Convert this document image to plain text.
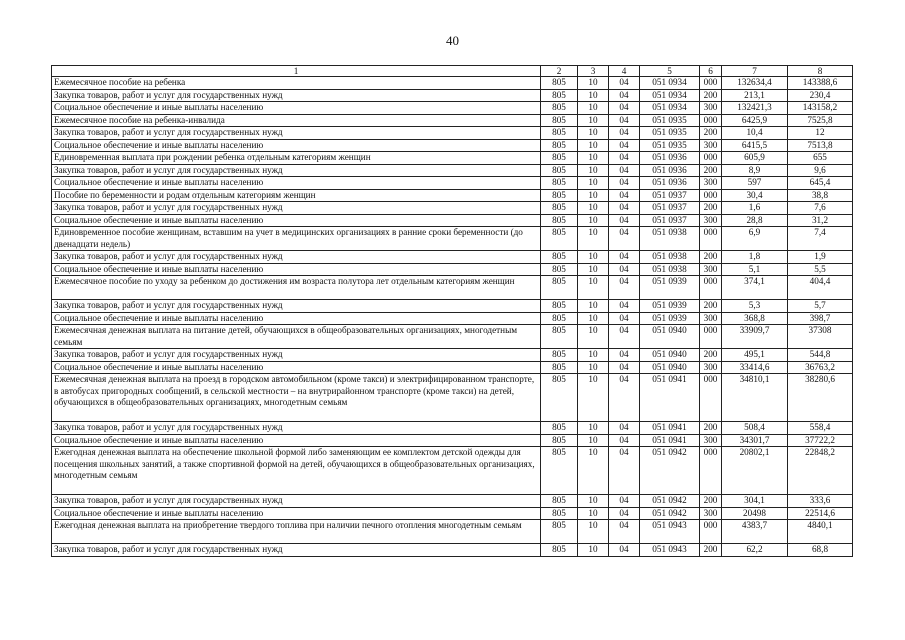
40
1	2	3	4	5	6	7	8
Ежемесячное пособие на ребенка	805	10	04	051 0934	000	132634,4	143388,6
Закупка товаров, работ и услуг для государственных нужд	805	10	04	051 0934	200	213,1	230,4
Социальное обеспечение и иные выплаты населению	805	10	04	051 0934	300	132421,3	143158,2
Ежемесячное пособие на ребенка-инвалида	805	10	04	051 0935	000	6425,9	7525,8
Закупка товаров, работ и услуг для государственных нужд	805	10	04	051 0935	200	10,4	12
Социальное обеспечение и иные выплаты населению	805	10	04	051 0935	300	6415,5	7513,8
Единовременная выплата при рождении ребенка отдельным категориям женщин	805	10	04	051 0936	000	605,9	655
Закупка товаров, работ и услуг для государственных нужд	805	10	04	051 0936	200	8,9	9,6
Социальное обеспечение и иные выплаты населению	805	10	04	051 0936	300	597	645,4
Пособие по беременности и родам отдельным категориям женщин	805	10	04	051 0937	000	30,4	38,8
Закупка товаров, работ и услуг для государственных нужд	805	10	04	051 0937	200	1,6	7,6
Социальное обеспечение и иные выплаты населению	805	10	04	051 0937	300	28,8	31,2
Единовременное пособие женщинам, вставшим на учет в медицинских организациях в ранние сроки беременности (до двенадцати недель)	805	10	04	051 0938	000	6,9	7,4
Закупка товаров, работ и услуг для государственных нужд	805	10	04	051 0938	200	1,8	1,9
Социальное обеспечение и иные выплаты населению	805	10	04	051 0938	300	5,1	5,5
Ежемесячное пособие по уходу за ребенком до достижения им возраста полутора лет отдельным категориям женщин	805	10	04	051 0939	000	374,1	404,4
Закупка товаров, работ и услуг для государственных нужд	805	10	04	051 0939	200	5,3	5,7
Социальное обеспечение и иные выплаты населению	805	10	04	051 0939	300	368,8	398,7
Ежемесячная денежная выплата на питание детей, обучающихся в общеобразовательных организациях, многодетным семьям	805	10	04	051 0940	000	33909,7	37308
Закупка товаров, работ и услуг для государственных нужд	805	10	04	051 0940	200	495,1	544,8
Социальное обеспечение и иные выплаты населению	805	10	04	051 0940	300	33414,6	36763,2
Ежемесячная денежная выплата на проезд в городском автомобильном (кроме такси) и электрифицированном транспорте, в автобусах пригородных сообщений, в сельской местности – на внутрирайонном транспорте (кроме такси) на детей, обучающихся в общеобразовательных организациях, многодетным семьям	805	10	04	051 0941	000	34810,1	38280,6
Закупка товаров, работ и услуг для государственных нужд	805	10	04	051 0941	200	508,4	558,4
Социальное обеспечение и иные выплаты населению	805	10	04	051 0941	300	34301,7	37722,2
Ежегодная денежная выплата на обеспечение школьной формой либо заменяющим ее комплектом детской одежды для посещения школьных занятий, а также спортивной формой на детей, обучающихся в общеобразовательных организациях, многодетным семьям	805	10	04	051 0942	000	20802,1	22848,2
Закупка товаров, работ и услуг для государственных нужд	805	10	04	051 0942	200	304,1	333,6
Социальное обеспечение и иные выплаты населению	805	10	04	051 0942	300	20498	22514,6
Ежегодная денежная выплата на приобретение твердого топлива при наличии печного отопления многодетным семьям	805	10	04	051 0943	000	4383,7	4840,1
Закупка товаров, работ и услуг для государственных нужд	805	10	04	051 0943	200	62,2	68,8
